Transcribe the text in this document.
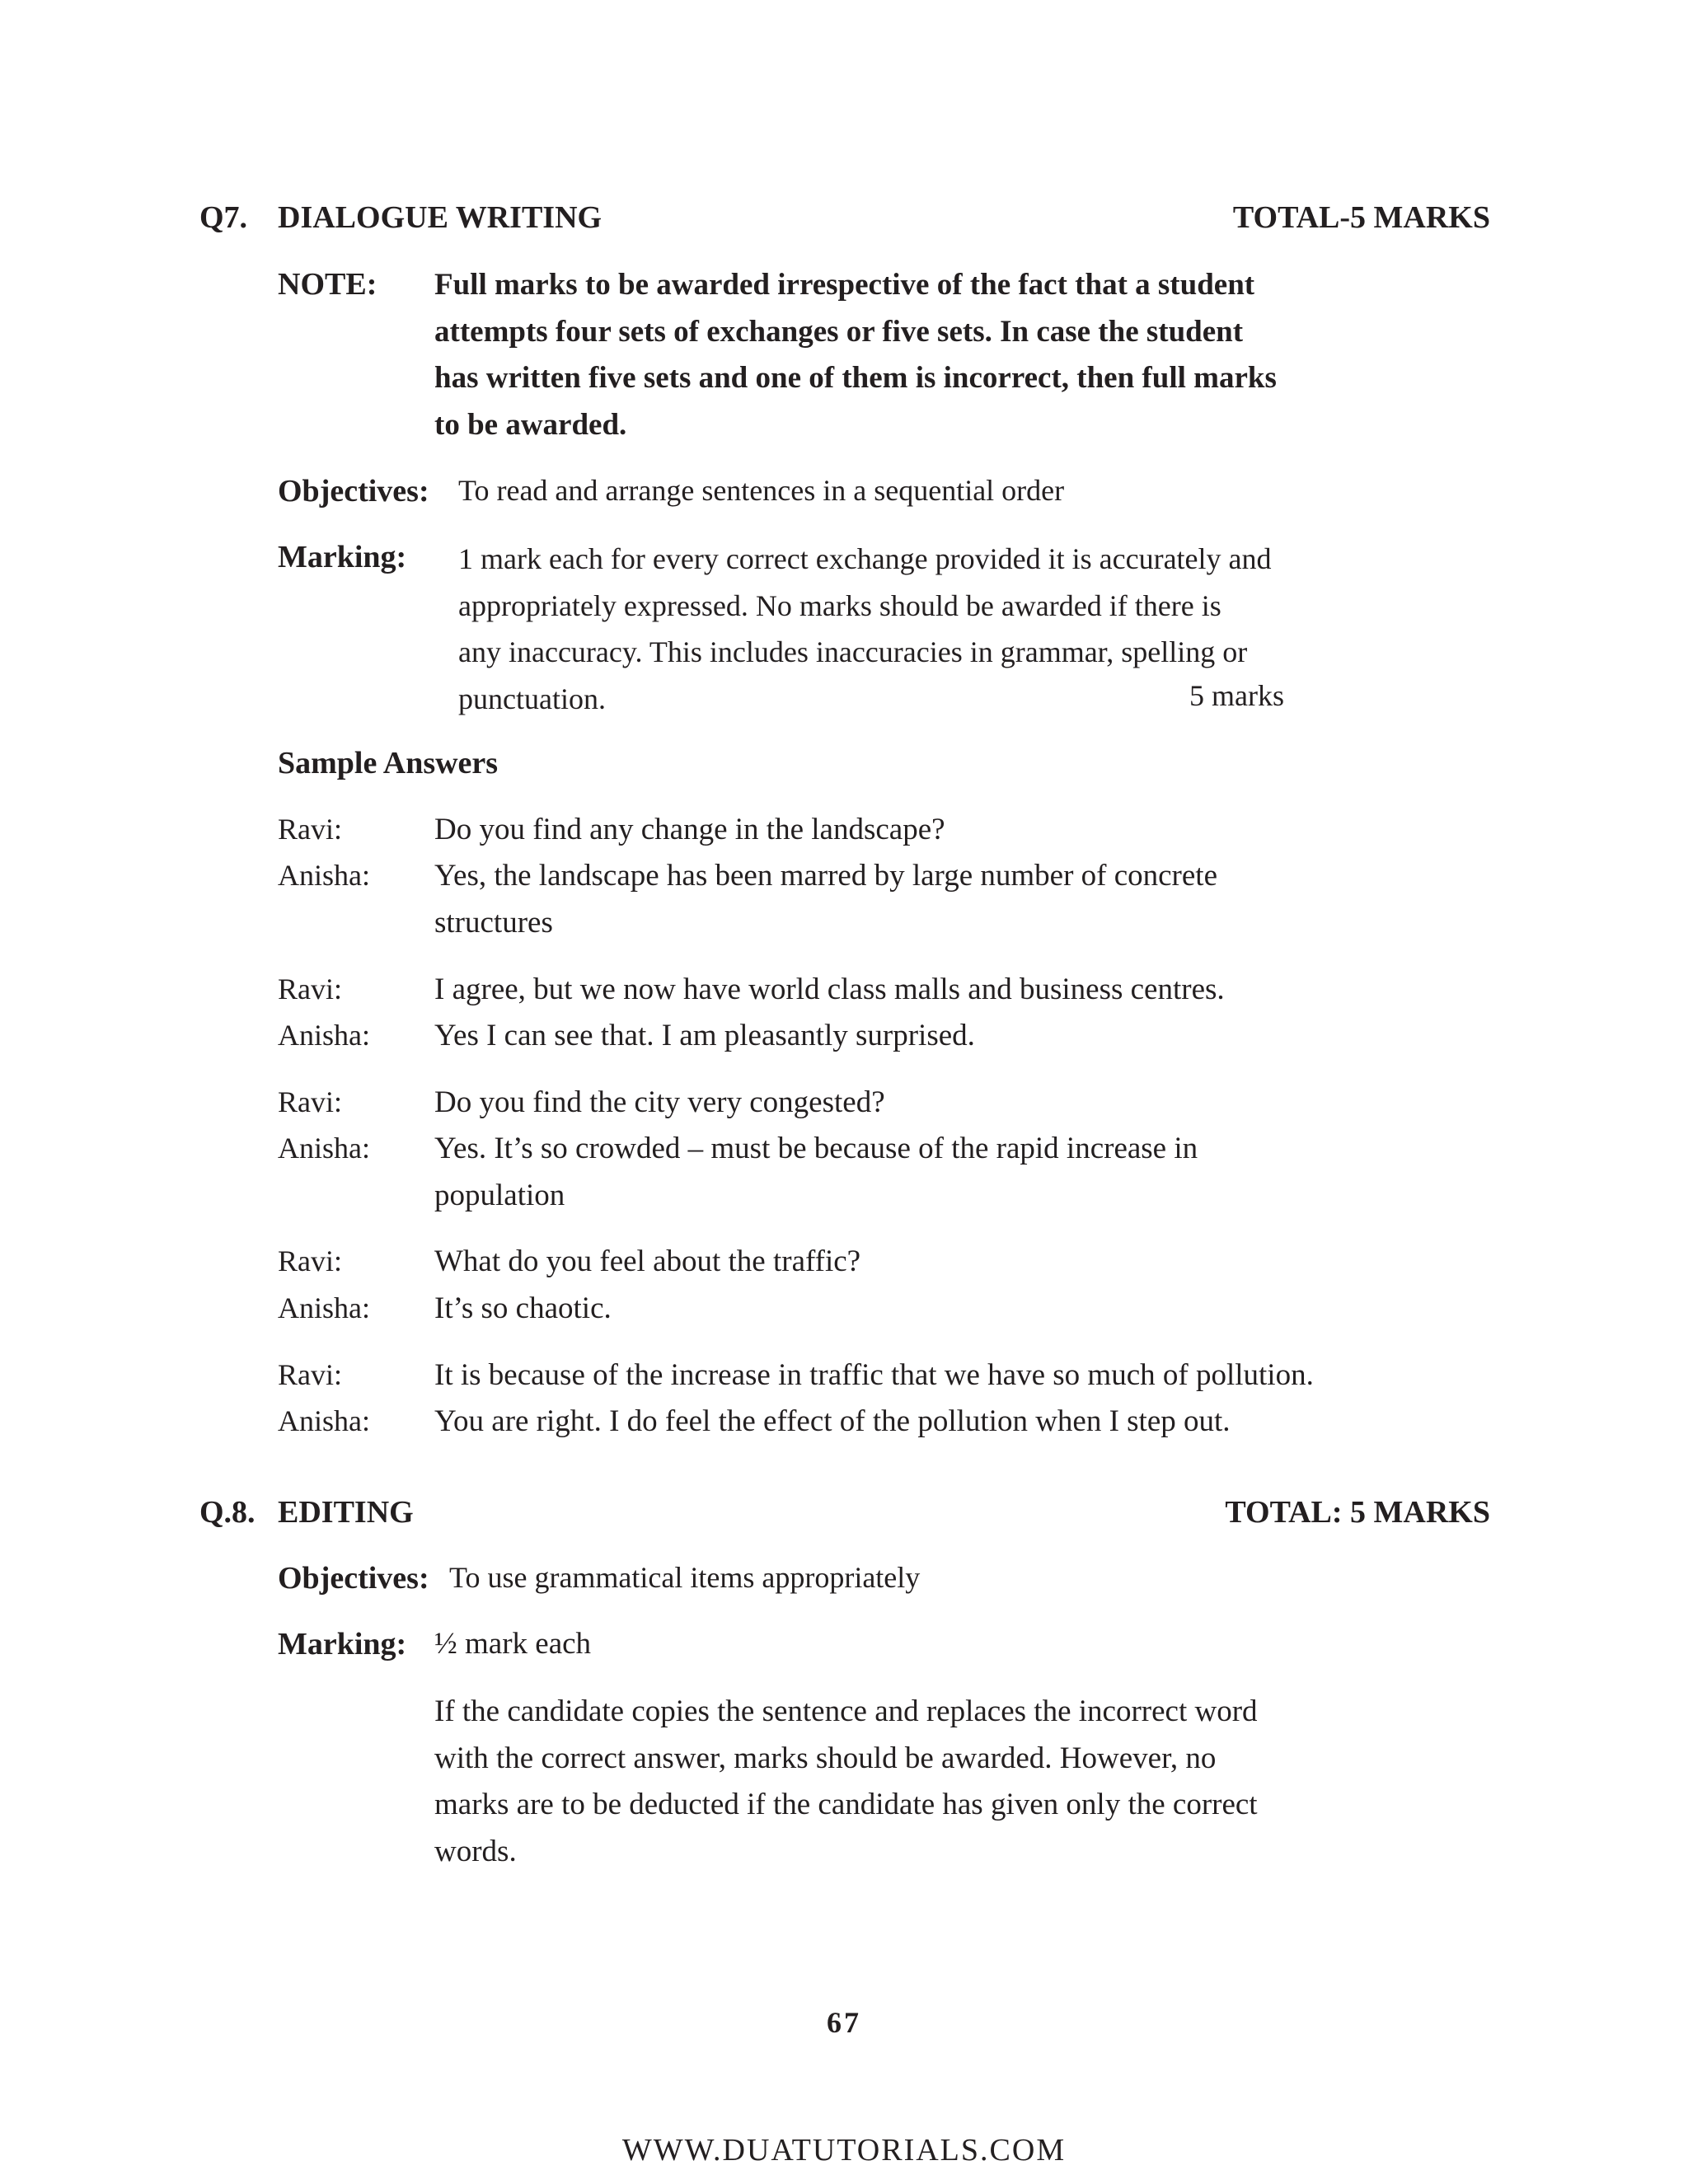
Q7. DIALOGUE WRITING	TOTAL-5 MARKS
NOTE: Full marks to be awarded irrespective of the fact that a student
attempts four sets of exchanges or five sets. In case the student
has written five sets and one of them is incorrect, then full marks
to be awarded.
Objectives: To read and arrange sentences in a sequential order
Marking: 1 mark each for every correct exchange provided it is accurately and
appropriately expressed. No marks should be awarded if there is
any inaccuracy. This includes inaccuracies in grammar, spelling or
punctuation.	5 marks
Sample Answers
Ravi:	Do you find any change in the landscape?
Anisha: Yes, the landscape has been marred by large number of concrete
structures
Ravi:	I agree, but we now have world class malls and business centres.
Anisha: Yes I can see that. I am pleasantly surprised.
Ravi:	Do you find the city very congested?
Anisha: Yes. It’s so crowded – must be because of the rapid increase in
population
Ravi:	What do you feel about the traffic?
Anisha: It’s so chaotic.
Ravi:	It is because of the increase in traffic that we have so much of pollution.
Anisha: You are right. I do feel the effect of the pollution when I step out.
Q.8. EDITING	TOTAL: 5 MARKS
Objectives: To use grammatical items appropriately
Marking: ½ mark each
If the candidate copies the sentence and replaces the incorrect word
with the correct answer, marks should be awarded. However, no
marks are to be deducted if the candidate has given only the correct
words.
67
WWW.DUATUTORIALS.COM
